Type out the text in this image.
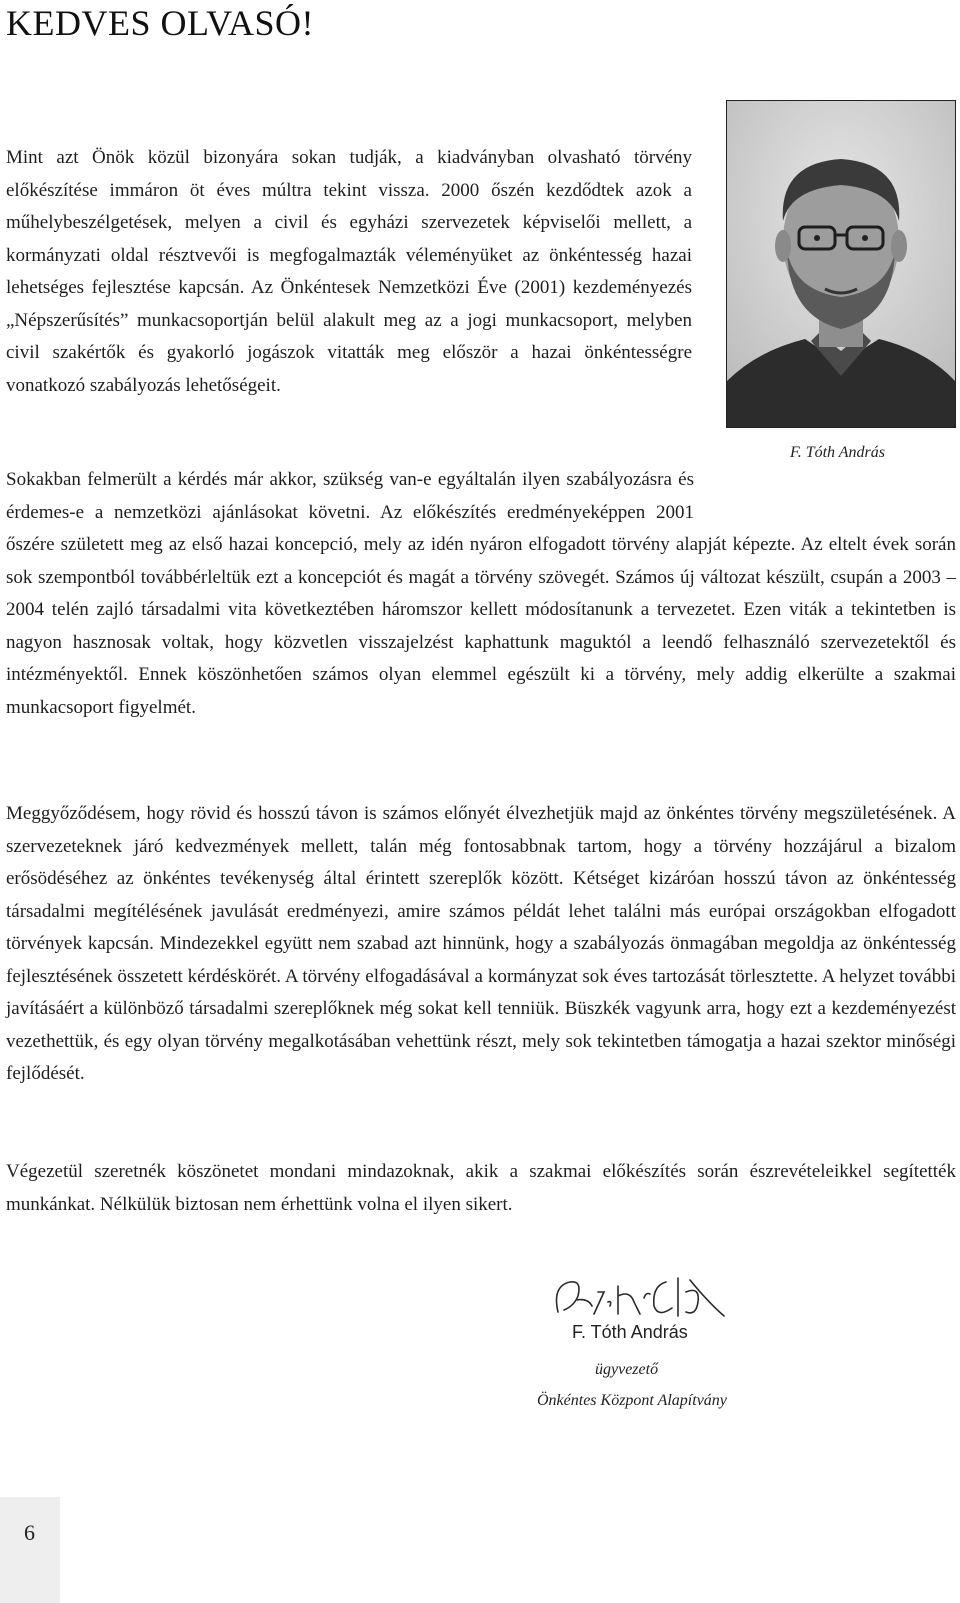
KEDVES OLVASÓ!

Mint azt Önök közül bizonyára sokan tudják, a kiadványban olvasható törvény előkészítése immáron öt éves múltra tekint vissza. 2000 őszén kezdődtek azok a műhelybeszélgetések, melyen a civil és egyházi szervezetek képviselői mellett, a kormányzati oldal résztvevői is megfogalmazták véleményüket az önkéntesség hazai lehetséges fejlesztése kapcsán. Az Önkéntesek Nemzetközi Éve (2001) kezdeményezés „Népszerűsítés” munkacsoportján belül alakult meg az a jogi munkacsoport, melyben civil szakértők és gyakorló jogászok vitatták meg először a hazai önkéntességre vonatkozó szabályozás lehetőségeit.

F. Tóth András

Sokakban felmerült a kérdés már akkor, szükség van-e egyáltalán ilyen szabályozásra és érdemes-e a nemzetközi ajánlásokat követni. Az előkészítés eredményeképpen 2001 őszére született meg az első hazai koncepció, mely az idén nyáron elfogadott törvény alapját képezte. Az eltelt évek során sok szempontból továbbérleltük ezt a koncepciót és magát a törvény szövegét. Számos új változat készült, csupán a 2003 – 2004 telén zajló társadalmi vita következtében háromszor kellett módosítanunk a tervezetet. Ezen viták a tekintetben is nagyon hasznosak voltak, hogy közvetlen visszajelzést kaphattunk maguktól a leendő felhasználó szervezetektől és intézményektől. Ennek köszönhetően számos olyan elemmel egészült ki a törvény, mely addig elkerülte a szakmai munkacsoport figyelmét.

Meggyőződésem, hogy rövid és hosszú távon is számos előnyét élvezhetjük majd az önkéntes törvény megszületésének. A szervezeteknek járó kedvezmények mellett, talán még fontosabbnak tartom, hogy a törvény hozzájárul a bizalom erősödéséhez az önkéntes tevékenység által érintett szereplők között. Kétséget kizáróan hosszú távon az önkéntesség társadalmi megítélésének javulását eredményezi, amire számos példát lehet találni más európai országokban elfogadott törvények kapcsán. Mindezekkel együtt nem szabad azt hinnünk, hogy a szabályozás önmagában megoldja az önkéntesség fejlesztésének összetett kérdéskörét. A törvény elfogadásával a kormányzat sok éves tartozását törlesztette. A helyzet további javításáért a különböző társadalmi szereplőknek még sokat kell tenniük. Büszkék vagyunk arra, hogy ezt a kezdeményezést vezethettük, és egy olyan törvény megalkotásában vehettünk részt, mely sok tekintetben támogatja a hazai szektor minőségi fejlődését.

Végezetül szeretnék köszönetet mondani mindazoknak, akik a szakmai előkészítés során észrevételeikkel segítették munkánkat. Nélkülük biztosan nem érhettünk volna el ilyen sikert.

F. Tóth András
ügyvezető
Önkéntes Központ Alapítvány
6
